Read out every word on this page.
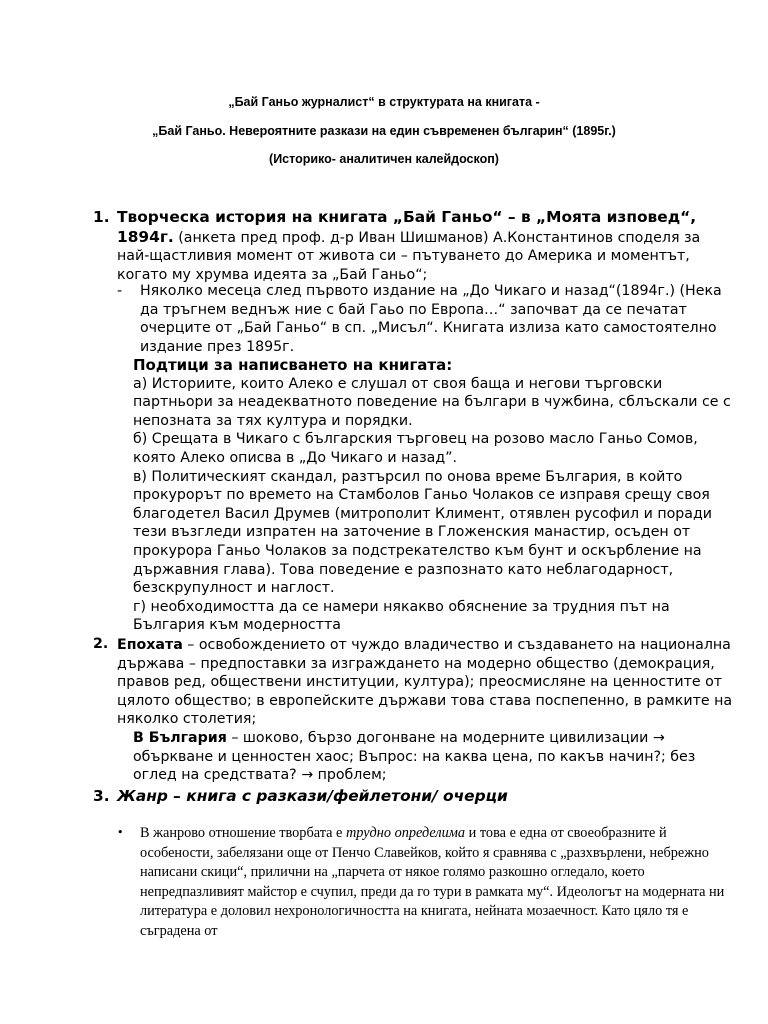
„Бай Ганьо журналист“ в структурата на книгата -
„Бай Ганьо. Невероятните разкази на един съвременен българин“ (1895г.)
(Историко- аналитичен калейдоскоп)
1. Творческа история на книгата „Бай Ганьо“ – в „Моята изповед“, 1894г. (анкета пред проф. д-р Иван Шишманов) А.Константинов споделя за най-щастливия момент от живота си – пътуването до Америка и моментът, когато му хрумва идеята за „Бай Ганьо“;
- Няколко месеца след първото издание на „До Чикаго и назад“(1894г.) (Нека да тръгнем веднъж ние с бай Гаьо по Европа…“ започват да се печатат очерците от „Бай Ганьо“ в сп. „Мисъл“. Книгата излиза като самостоятелно издание през 1895г.
Подтици за написването на книгата:
а) Историите, които Алеко е слушал от своя баща и негови търговски партньори за неадекватното поведение на българи в чужбина, сблъскали се с непозната за тях култура и порядки.
б) Срещата в Чикаго с българския търговец на розово масло Ганьо Сомов, която Алеко описва в „До Чикаго и назад”.
в) Политическият скандал, разтърсил по онова време България, в който прокурорът по времето на Стамболов Ганьо Чолаков се изправя срещу своя благодетел Васил Друмев (митрополит Климент, отявлен русофил и поради тези възгледи изпратен на заточение в Гложенския манастир, осъден от прокурора Ганьо Чолаков за подстрекателство към бунт и оскърбление на държавния глава). Това поведение е разпознато като неблагодарност, безскрупулност и наглост.
г) необходимостта да се намери някакво обяснение за трудния път на България към модерността
2. Епохата – освобождението от чуждо владичество и създаването на национална държава – предпоставки за изграждането на модерно общество (демокрация, правов ред, обществени институции, култура); преосмисляне на ценностите от цялото общество; в европейските държави това става поспепенно, в рамките на няколко столетия;
В България – шоково, бързо догонване на модерните цивилизации → объркване и ценностен хаос; Въпрос: на каква цена, по какъв начин?; без оглед на средствата? → проблем;
3. Жанр – книга с разкази/фейлетони/ очерци
• В жанрово отношение творбата е трудно определима и това е една от своеобразните й особености, забелязани още от Пенчо Славейков, който я сравнява с „разхвърлени, небрежно написани скици“, прилични на „парчета от някое голямо разкошно огледало, което непредпазливият майстор е счупил, преди да го тури в рамката му“. Идеологът на модерната ни литература е доловил нехронологичността на книгата, нейната мозаечност. Като цяло тя е съградена от
